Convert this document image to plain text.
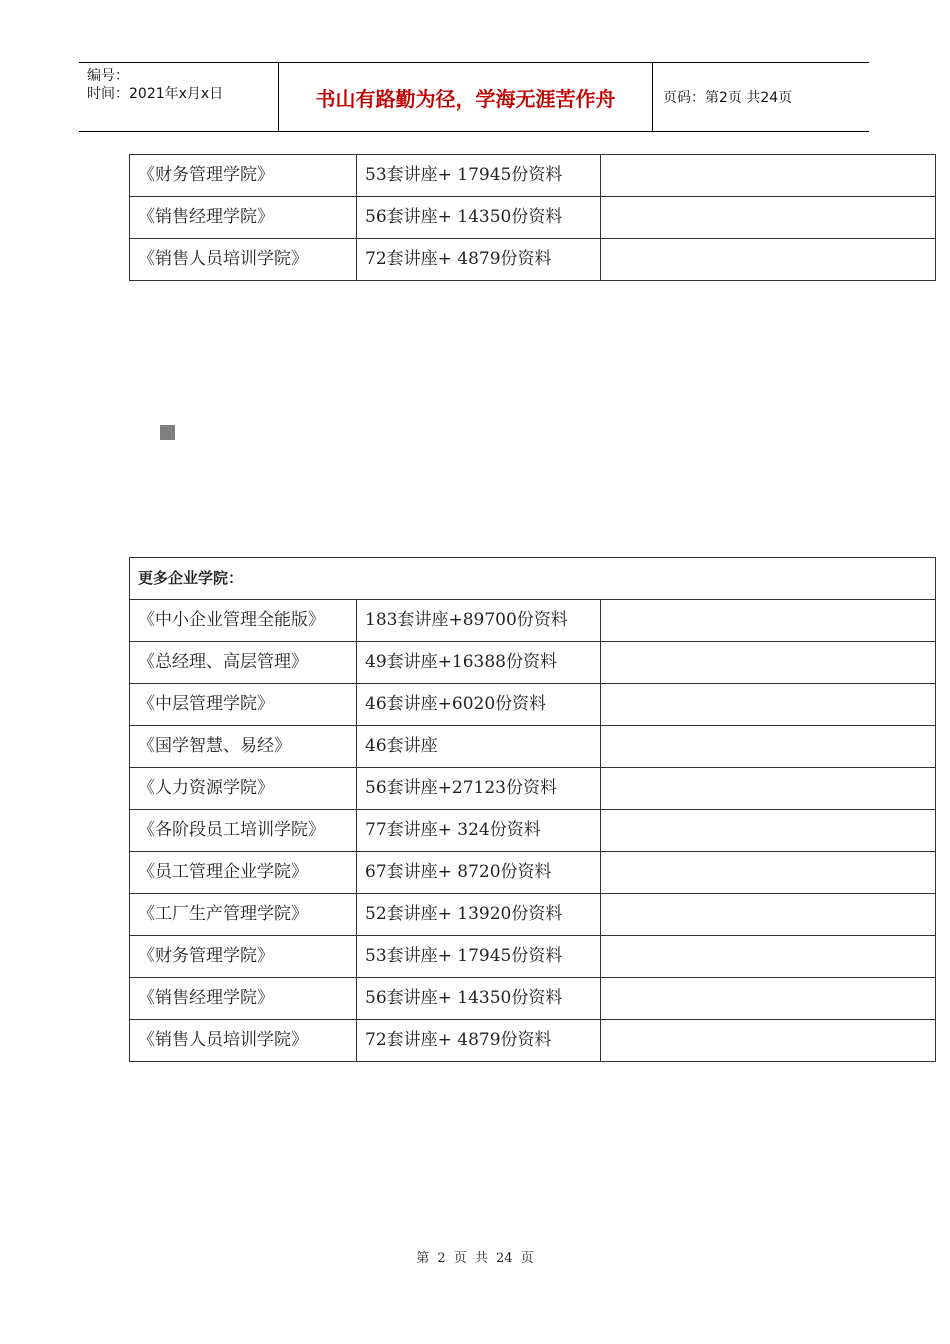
编号：
时间：2021年x月x日	书山有路勤为径，学海无涯苦作舟	页码：第2页 共24页
《财务管理学院》	53套讲座+ 17945份资料	
《销售经理学院》	56套讲座+ 14350份资料	
《销售人员培训学院》	72套讲座+ 4879份资料	
更多企业学院：		
《中小企业管理全能版》	183套讲座+89700份资料	
《总经理、高层管理》	49套讲座+16388份资料	
《中层管理学院》	46套讲座+6020份资料	
《国学智慧、易经》	46套讲座	
《人力资源学院》	56套讲座+27123份资料	
《各阶段员工培训学院》	77套讲座+ 324份资料	
《员工管理企业学院》	67套讲座+ 8720份资料	
《工厂生产管理学院》	52套讲座+ 13920份资料	
《财务管理学院》	53套讲座+ 17945份资料	
《销售经理学院》	56套讲座+ 14350份资料	
《销售人员培训学院》	72套讲座+ 4879份资料	
第 2 页 共 24 页
